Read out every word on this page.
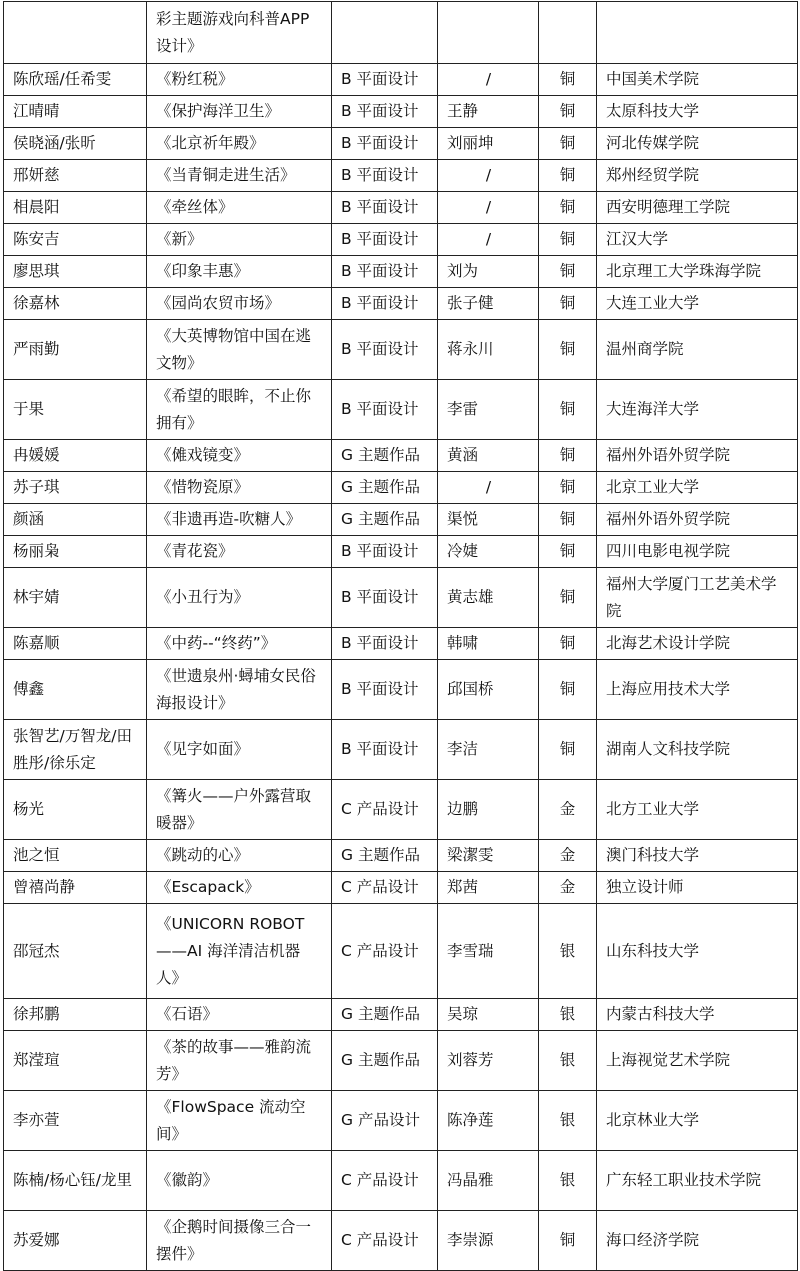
	彩主题游戏向科普APP 设计》				
陈欣瑶/任希雯	《粉红税》	B 平面设计	/	铜	中国美术学院
江晴晴	《保护海洋卫生》	B 平面设计	王静	铜	太原科技大学
侯晓涵/张昕	《北京祈年殿》	B 平面设计	刘丽坤	铜	河北传媒学院
邢妍慈	《当青铜走进生活》	B 平面设计	/	铜	郑州经贸学院
相晨阳	《牵丝体》	B 平面设计	/	铜	西安明德理工学院
陈安吉	《新》	B 平面设计	/	铜	江汉大学
廖思琪	《印象丰惠》	B 平面设计	刘为	铜	北京理工大学珠海学院
徐嘉林	《园尚农贸市场》	B 平面设计	张子健	铜	大连工业大学
严雨勤	《大英博物馆中国在逃文物》	B 平面设计	蒋永川	铜	温州商学院
于果	《希望的眼眸，不止你拥有》	B 平面设计	李雷	铜	大连海洋大学
冉媛媛	《傩戏镜变》	G 主题作品	黄涵	铜	福州外语外贸学院
苏子琪	《惜物瓷原》	G 主题作品	/	铜	北京工业大学
颜涵	《非遗再造-吹糖人》	G 主题作品	渠悦	铜	福州外语外贸学院
杨丽枭	《青花瓷》	B 平面设计	冷婕	铜	四川电影电视学院
林宇婧	《小丑行为》	B 平面设计	黄志雄	铜	福州大学厦门工艺美术学院
陈嘉顺	《中药--“终药”》	B 平面设计	韩啸	铜	北海艺术设计学院
傅鑫	《世遗泉州·蟳埔女民俗海报设计》	B 平面设计	邱国桥	铜	上海应用技术大学
张智艺/万智龙/田胜彤/徐乐定	《见字如面》	B 平面设计	李洁	铜	湖南人文科技学院
杨光	《篝火——户外露营取暖器》	C 产品设计	边鹏	金	北方工业大学
池之恒	《跳动的心》	G 主题作品	梁潔雯	金	澳门科技大学
曾禧尚静	《Escapack》	C 产品设计	郑茜	金	独立设计师
邵冠杰	《UNICORN ROBOT——AI 海洋清洁机器人》	C 产品设计	李雪瑞	银	山东科技大学
徐邦鹏	《石语》	G 主题作品	吴琼	银	内蒙古科技大学
郑滢瑄	《茶的故事——雅韵流芳》	G 主题作品	刘蓉芳	银	上海视觉艺术学院
李亦萱	《FlowSpace 流动空间》	G 产品设计	陈净莲	银	北京林业大学
陈楠/杨心钰/龙里	《徽韵》	C 产品设计	冯晶雅	银	广东轻工职业技术学院
苏爱娜	《企鹅时间摄像三合一摆件》	C 产品设计	李崇源	铜	海口经济学院
